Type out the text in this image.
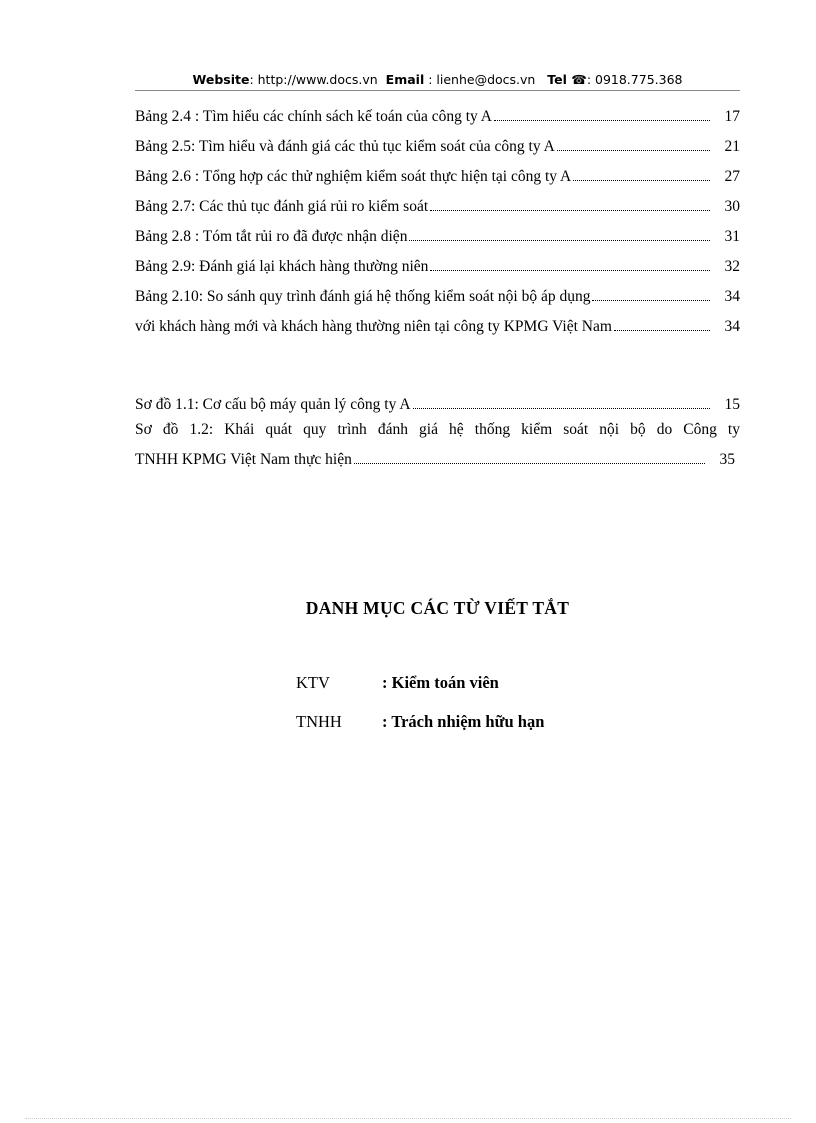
Website: http://www.docs.vn Email : lienhe@docs.vn Tel ☎: 0918.775.368
Bảng 2.4 : Tìm hiểu các chính sách kế toán của công ty A	17
Bảng 2.5: Tìm hiểu và đánh giá các thủ tục kiểm soát của công ty A	21
Bảng 2.6 : Tổng hợp các thử nghiệm kiểm soát thực hiện tại công ty A	27
Bảng 2.7: Các thủ tục đánh giá rủi ro kiểm soát	30
Bảng 2.8 : Tóm tắt rủi ro đã được nhận diện	31
Bảng 2.9: Đánh giá lại khách hàng thường niên	32
Bảng 2.10: So sánh quy trình đánh giá hệ thống kiểm soát nội bộ áp dụng	34
với khách hàng mới và khách hàng thường niên tại công ty KPMG Việt Nam	34
Sơ đồ 1.1: Cơ cấu bộ máy quản lý công ty A	15
Sơ đồ 1.2: Khái quát quy trình đánh giá hệ thống kiểm soát nội bộ do Công ty
TNHH KPMG Việt Nam thực hiện	35
DANH MỤC CÁC TỪ VIẾT TẮT
KTV	: Kiểm toán viên
TNHH : Trách nhiệm hữu hạn
